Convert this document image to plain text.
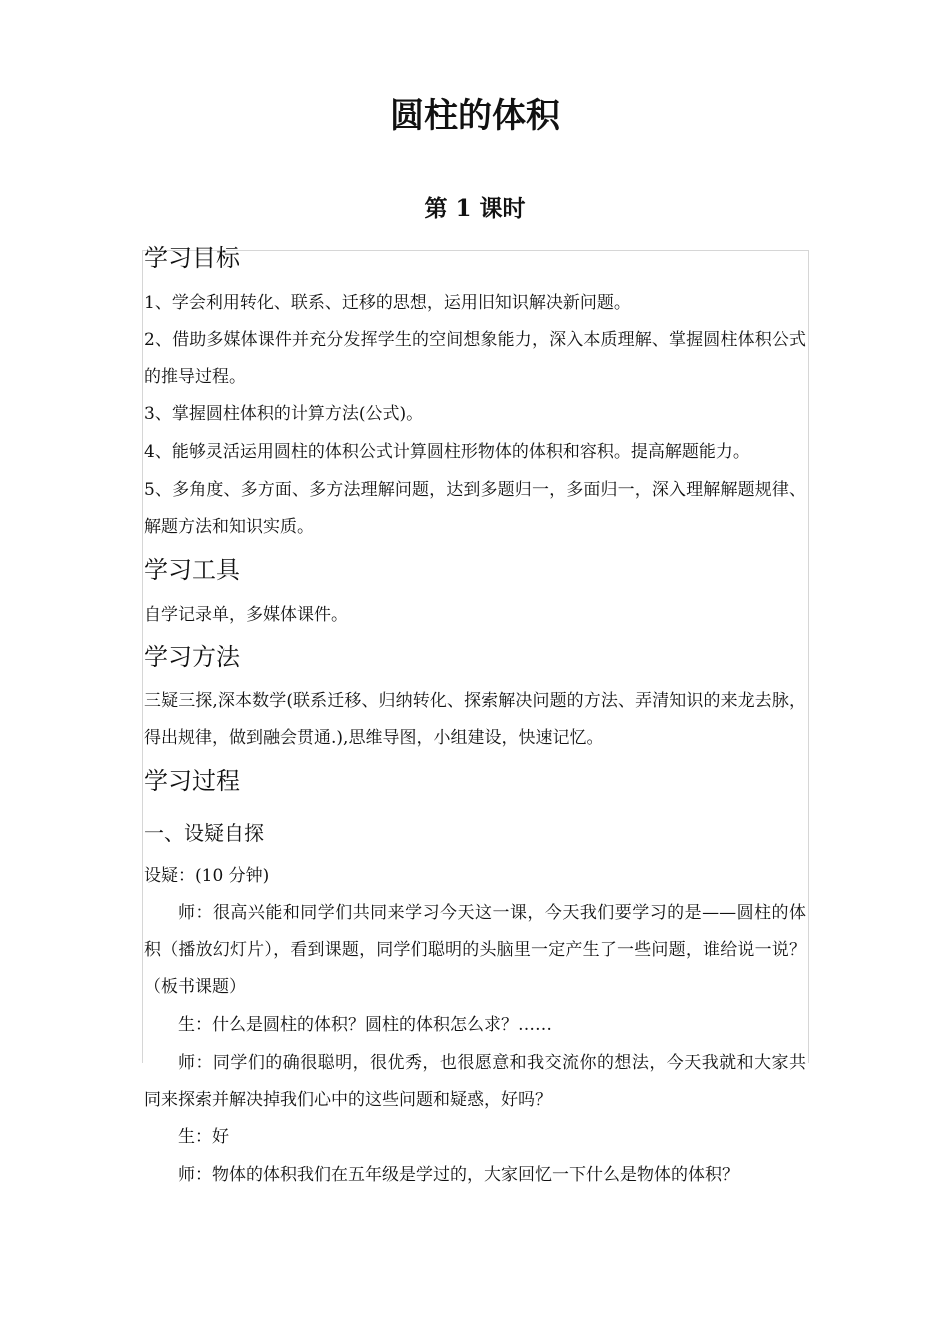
圆柱的体积
第 1 课时
学习目标
1、学会利用转化、联系、迁移的思想，运用旧知识解决新问题。
2、借助多媒体课件并充分发挥学生的空间想象能力，深入本质理解、掌握圆柱体积公式的推导过程。
3、掌握圆柱体积的计算方法(公式)。
4、能够灵活运用圆柱的体积公式计算圆柱形物体的体积和容积。提高解题能力。
5、多角度、多方面、多方法理解问题，达到多题归一，多面归一，深入理解解题规律、解题方法和知识实质。
学习工具
自学记录单，多媒体课件。
学习方法
三疑三探,深本数学(联系迁移、归纳转化、探索解决问题的方法、弄清知识的来龙去脉，得出规律，做到融会贯通.),思维导图，小组建设，快速记忆。
学习过程
一、设疑自探
设疑：(10 分钟)
师：很高兴能和同学们共同来学习今天这一课，今天我们要学习的是——圆柱的体积（播放幻灯片），看到课题，同学们聪明的头脑里一定产生了一些问题，谁给说一说？（板书课题）
生：什么是圆柱的体积？圆柱的体积怎么求？……
师：同学们的确很聪明，很优秀，也很愿意和我交流你的想法，今天我就和大家共同来探索并解决掉我们心中的这些问题和疑惑，好吗？
生：好
师：物体的体积我们在五年级是学过的，大家回忆一下什么是物体的体积？
